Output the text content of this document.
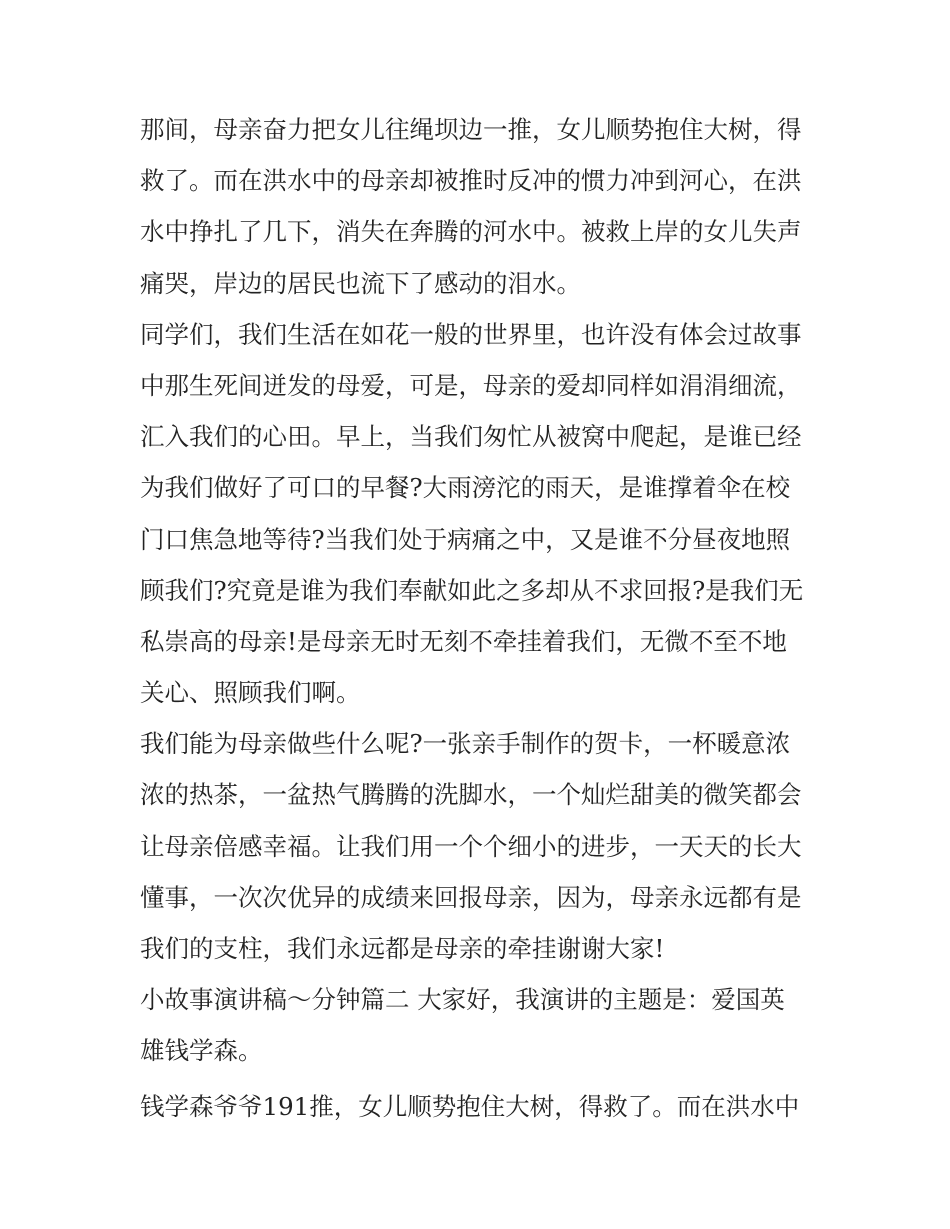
那间，母亲奋力把女儿往绳坝边一推，女儿顺势抱住大树，得
救了。而在洪水中的母亲却被推时反冲的惯力冲到河心，在洪
水中挣扎了几下，消失在奔腾的河水中。被救上岸的女儿失声
痛哭，岸边的居民也流下了感动的泪水。
同学们，我们生活在如花一般的世界里，也许没有体会过故事
中那生死间迸发的母爱，可是，母亲的爱却同样如涓涓细流，
汇入我们的心田。早上，当我们匆忙从被窝中爬起，是谁已经
为我们做好了可口的早餐?大雨滂沱的雨天，是谁撑着伞在校
门口焦急地等待?当我们处于病痛之中，又是谁不分昼夜地照
顾我们?究竟是谁为我们奉献如此之多却从不求回报?是我们无
私崇高的母亲!是母亲无时无刻不牵挂着我们，无微不至不地
关心、照顾我们啊。
我们能为母亲做些什么呢?一张亲手制作的贺卡，一杯暖意浓
浓的热茶，一盆热气腾腾的洗脚水，一个灿烂甜美的微笑都会
让母亲倍感幸福。让我们用一个个细小的进步，一天天的长大
懂事，一次次优异的成绩来回报母亲，因为，母亲永远都有是
我们的支柱，我们永远都是母亲的牵挂谢谢大家!
小故事演讲稿～分钟篇二 大家好，我演讲的主题是：爱国英
雄钱学森。
钱学森爷爷191推，女儿顺势抱住大树，得救了。而在洪水中
